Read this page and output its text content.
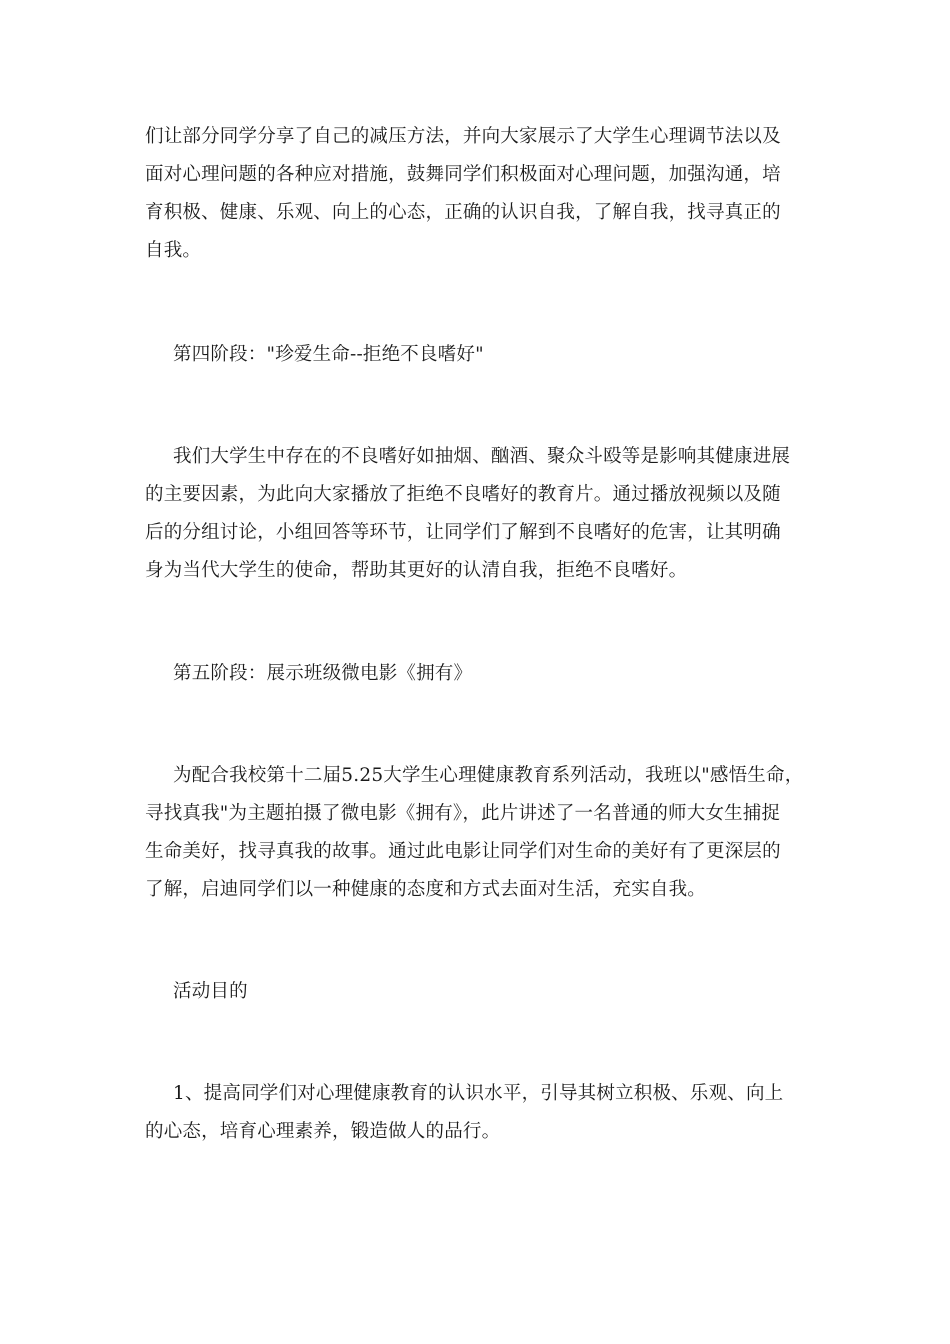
们让部分同学分享了自己的减压方法，并向大家展示了大学生心理调节法以及
面对心理问题的各种应对措施，鼓舞同学们积极面对心理问题，加强沟通，培
育积极、健康、乐观、向上的心态，正确的认识自我，了解自我，找寻真正的
自我。
第四阶段："珍爱生命--拒绝不良嗜好"
我们大学生中存在的不良嗜好如抽烟、酗酒、聚众斗殴等是影响其健康进展
的主要因素，为此向大家播放了拒绝不良嗜好的教育片。通过播放视频以及随
后的分组讨论，小组回答等环节，让同学们了解到不良嗜好的危害，让其明确
身为当代大学生的使命，帮助其更好的认清自我，拒绝不良嗜好。
第五阶段：展示班级微电影《拥有》
为配合我校第十二届5.25大学生心理健康教育系列活动，我班以"感悟生命，
寻找真我"为主题拍摄了微电影《拥有》，此片讲述了一名普通的师大女生捕捉
生命美好，找寻真我的故事。通过此电影让同学们对生命的美好有了更深层的
了解，启迪同学们以一种健康的态度和方式去面对生活，充实自我。
活动目的
1、提高同学们对心理健康教育的认识水平，引导其树立积极、乐观、向上
的心态，培育心理素养，锻造做人的品行。
